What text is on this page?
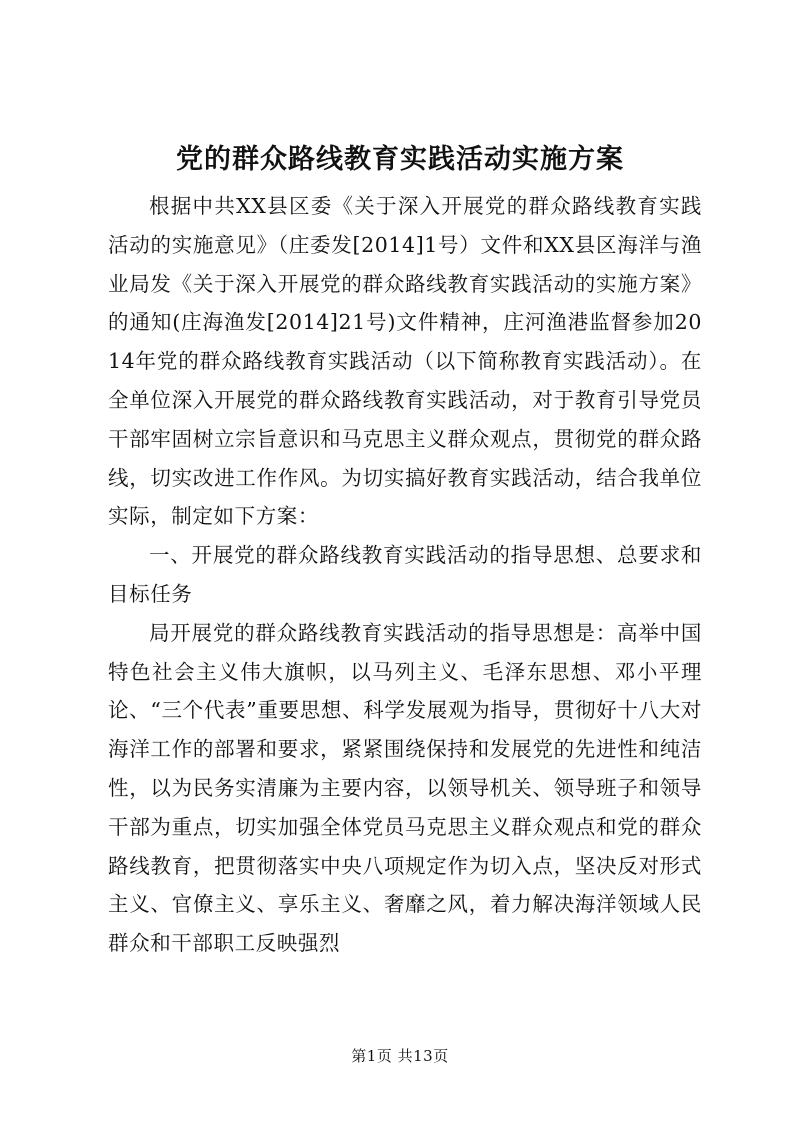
党的群众路线教育实践活动实施方案

根据中共XX县区委《关于深入开展党的群众路线教育实践活动的实施意见》（庄委发[2014]1号）文件和XX县区海洋与渔业局发《关于深入开展党的群众路线教育实践活动的实施方案》的通知(庄海渔发[2014]21号)文件精神，庄河渔港监督参加2014年党的群众路线教育实践活动（以下简称教育实践活动）。在全单位深入开展党的群众路线教育实践活动，对于教育引导党员干部牢固树立宗旨意识和马克思主义群众观点，贯彻党的群众路线，切实改进工作作风。为切实搞好教育实践活动，结合我单位实际，制定如下方案：

一、开展党的群众路线教育实践活动的指导思想、总要求和目标任务

局开展党的群众路线教育实践活动的指导思想是：高举中国特色社会主义伟大旗帜，以马列主义、毛泽东思想、邓小平理论、“三个代表”重要思想、科学发展观为指导，贯彻好十八大对海洋工作的部署和要求，紧紧围绕保持和发展党的先进性和纯洁性，以为民务实清廉为主要内容，以领导机关、领导班子和领导干部为重点，切实加强全体党员马克思主义群众观点和党的群众路线教育，把贯彻落实中央八项规定作为切入点，坚决反对形式主义、官僚主义、享乐主义、奢靡之风，着力解决海洋领域人民群众和干部职工反映强烈

第1页 共13页
